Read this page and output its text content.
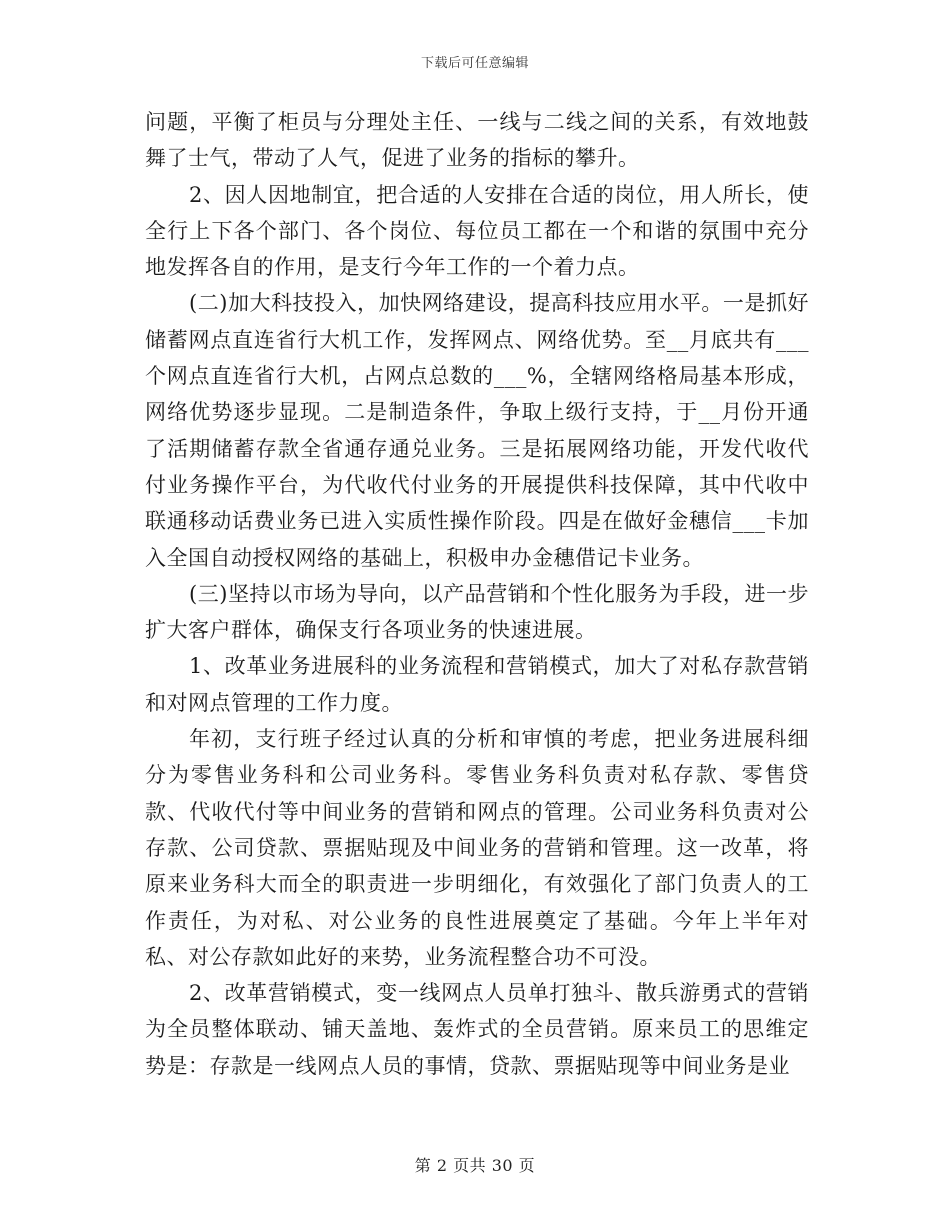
下载后可任意编辑

问题，平衡了柜员与分理处主任、一线与二线之间的关系，有效地鼓舞了士气，带动了人气，促进了业务的指标的攀升。

2、因人因地制宜，把合适的人安排在合适的岗位，用人所长，使全行上下各个部门、各个岗位、每位员工都在一个和谐的氛围中充分地发挥各自的作用，是支行今年工作的一个着力点。

(二)加大科技投入，加快网络建设，提高科技应用水平。一是抓好储蓄网点直连省行大机工作，发挥网点、网络优势。至__月底共有___个网点直连省行大机，占网点总数的___%，全辖网络格局基本形成，网络优势逐步显现。二是制造条件，争取上级行支持，于__月份开通了活期储蓄存款全省通存通兑业务。三是拓展网络功能，开发代收代付业务操作平台，为代收代付业务的开展提供科技保障，其中代收中联通移动话费业务已进入实质性操作阶段。四是在做好金穗信___卡加入全国自动授权网络的基础上，积极申办金穗借记卡业务。

(三)坚持以市场为导向，以产品营销和个性化服务为手段，进一步扩大客户群体，确保支行各项业务的快速进展。

1、改革业务进展科的业务流程和营销模式，加大了对私存款营销和对网点管理的工作力度。

年初，支行班子经过认真的分析和审慎的考虑，把业务进展科细分为零售业务科和公司业务科。零售业务科负责对私存款、零售贷款、代收代付等中间业务的营销和网点的管理。公司业务科负责对公存款、公司贷款、票据贴现及中间业务的营销和管理。这一改革，将原来业务科大而全的职责进一步明细化，有效强化了部门负责人的工作责任，为对私、对公业务的良性进展奠定了基础。今年上半年对私、对公存款如此好的来势，业务流程整合功不可没。

2、改革营销模式，变一线网点人员单打独斗、散兵游勇式的营销为全员整体联动、铺天盖地、轰炸式的全员营销。原来员工的思维定势是：存款是一线网点人员的事情，贷款、票据贴现等中间业务是业

第 2 页共 30 页
